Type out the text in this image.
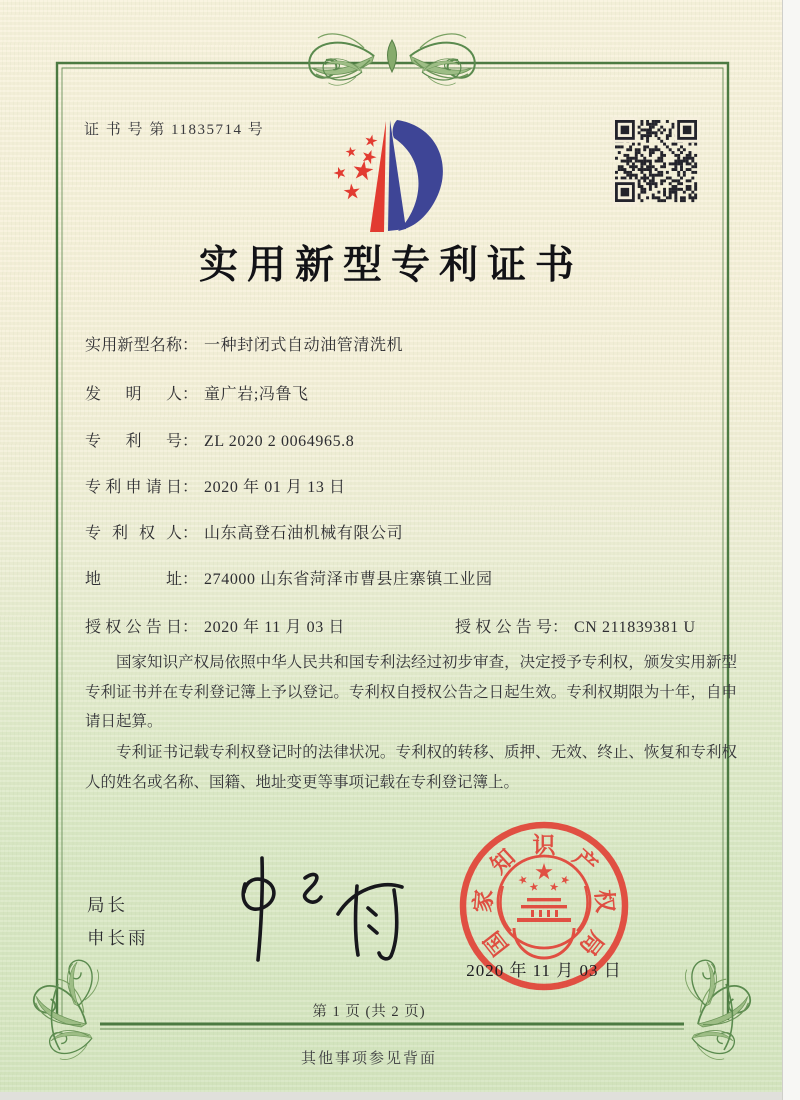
证 书 号 第 11835714 号
实用新型专利证书
实用新型名称： 一种封闭式自动油管清洗机
发明人： 童广岩;冯鲁飞
专利号： ZL 2020 2 0064965.8
专利申请日： 2020 年 01 月 13 日
专利权人： 山东高登石油机械有限公司
地址： 274000 山东省菏泽市曹县庄寨镇工业园
授权公告日： 2020 年 11 月 03 日	授权公告号： CN 211839381 U

国家知识产权局依照中华人民共和国专利法经过初步审查，决定授予专利权，颁发实用新型专利证书并在专利登记簿上予以登记。专利权自授权公告之日起生效。专利权期限为十年，自申请日起算。

专利证书记载专利权登记时的法律状况。专利权的转移、质押、无效、终止、恢复和专利权人的姓名或名称、国籍、地址变更等事项记载在专利登记簿上。

局长
申长雨	国
家
知 识 产
权
局
2020 年 11 月 03 日
第 1 页 (共 2 页)
其他事项参见背面
